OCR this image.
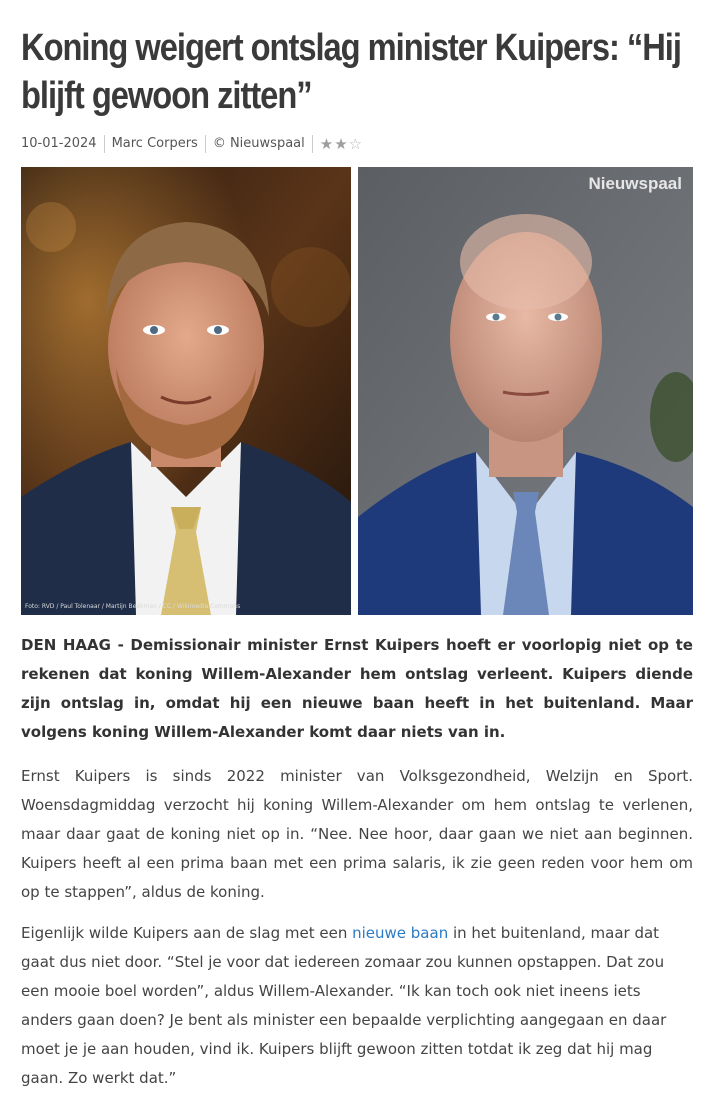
Koning weigert ontslag minister Kuipers: “Hij blijft gewoon zitten”
10-01-2024	Marc Corpers	© Nieuwspaal	★ ★ ☆
Foto: RVD / Paul Tolenaar / Martijn Beekman / CC / Wikimedia Commons
Nieuwspaal

DEN HAAG - Demissionair minister Ernst Kuipers hoeft er voorlopig niet op te rekenen dat koning Willem-Alexander hem ontslag verleent. Kuipers diende zijn ontslag in, omdat hij een nieuwe baan heeft in het buitenland. Maar volgens koning Willem-Alexander komt daar niets van in.

Ernst Kuipers is sinds 2022 minister van Volksgezondheid, Welzijn en Sport. Woensdagmiddag verzocht hij koning Willem-Alexander om hem ontslag te verlenen, maar daar gaat de koning niet op in. “Nee. Nee hoor, daar gaan we niet aan beginnen. Kuipers heeft al een prima baan met een prima salaris, ik zie geen reden voor hem om op te stappen”, aldus de koning.

Eigenlijk wilde Kuipers aan de slag met een nieuwe baan in het buitenland, maar dat gaat dus niet door. “Stel je voor dat iedereen zomaar zou kunnen opstappen. Dat zou een mooie boel worden”, aldus Willem-Alexander. “Ik kan toch ook niet ineens iets anders gaan doen? Je bent als minister een bepaalde verplichting aangegaan en daar moet je je aan houden, vind ik. Kuipers blijft gewoon zitten totdat ik zeg dat hij mag gaan. Zo werkt dat.”
